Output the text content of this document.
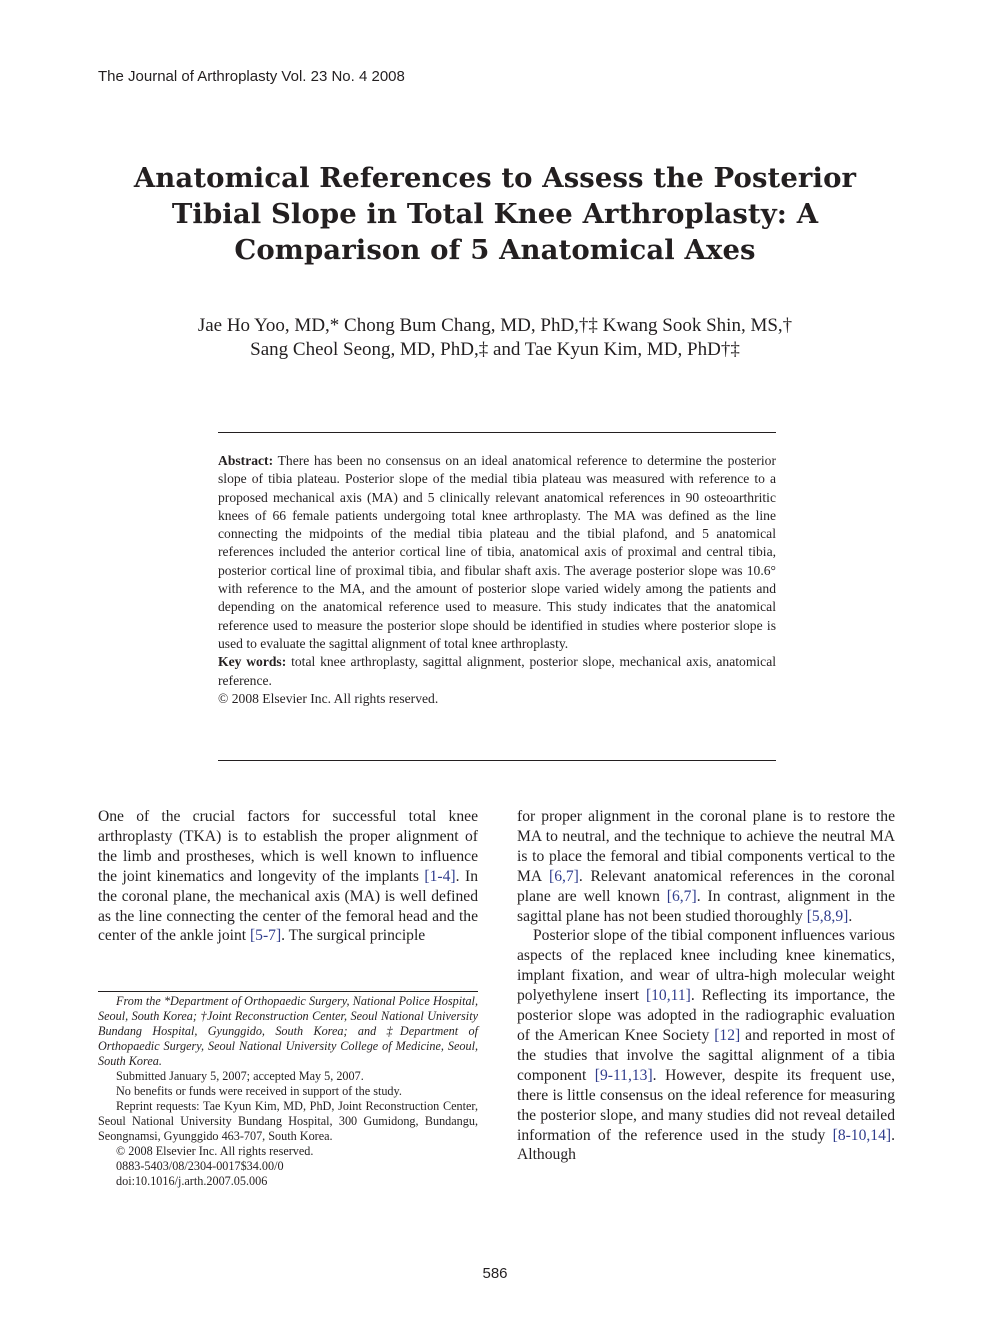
The Journal of Arthroplasty Vol. 23 No. 4 2008
Anatomical References to Assess the Posterior Tibial Slope in Total Knee Arthroplasty: A Comparison of 5 Anatomical Axes
Jae Ho Yoo, MD,* Chong Bum Chang, MD, PhD,†‡ Kwang Sook Shin, MS,†
Sang Cheol Seong, MD, PhD,‡ and Tae Kyun Kim, MD, PhD†‡

Abstract: There has been no consensus on an ideal anatomical reference to determine the posterior slope of tibia plateau. Posterior slope of the medial tibia plateau was measured with reference to a proposed mechanical axis (MA) and 5 clinically relevant anatomical references in 90 osteoarthritic knees of 66 female patients undergoing total knee arthroplasty. The MA was defined as the line connecting the midpoints of the medial tibia plateau and the tibial plafond, and 5 anatomical references included the anterior cortical line of tibia, anatomical axis of proximal and central tibia, posterior cortical line of proximal tibia, and fibular shaft axis. The average posterior slope was 10.6° with reference to the MA, and the amount of posterior slope varied widely among the patients and depending on the anatomical reference used to measure. This study indicates that the anatomical reference used to measure the posterior slope should be identified in studies where posterior slope is used to evaluate the sagittal alignment of total knee arthroplasty.

Key words: total knee arthroplasty, sagittal alignment, posterior slope, mechanical axis, anatomical reference.

© 2008 Elsevier Inc. All rights reserved.

One of the crucial factors for successful total knee arthroplasty (TKA) is to establish the proper alignment of the limb and prostheses, which is well known to influence the joint kinematics and longevity of the implants [1-4]. In the coronal plane, the mechanical axis (MA) is well defined as the line connecting the center of the femoral head and the center of the ankle joint [5-7]. The surgical principle

From the *Department of Orthopaedic Surgery, National Police Hospital, Seoul, South Korea; †Joint Reconstruction Center, Seoul National University Bundang Hospital, Gyunggido, South Korea; and ‡Department of Orthopaedic Surgery, Seoul National University College of Medicine, Seoul, South Korea.

Submitted January 5, 2007; accepted May 5, 2007.

No benefits or funds were received in support of the study.

Reprint requests: Tae Kyun Kim, MD, PhD, Joint Reconstruction Center, Seoul National University Bundang Hospital, 300 Gumidong, Bundangu, Seongnamsi, Gyunggido 463-707, South Korea.

© 2008 Elsevier Inc. All rights reserved.

0883-5403/08/2304-0017$34.00/0

doi:10.1016/j.arth.2007.05.006

for proper alignment in the coronal plane is to restore the MA to neutral, and the technique to achieve the neutral MA is to place the femoral and tibial components vertical to the MA [6,7]. Relevant anatomical references in the coronal plane are well known [6,7]. In contrast, alignment in the sagittal plane has not been studied thoroughly [5,8,9].

Posterior slope of the tibial component influences various aspects of the replaced knee including knee kinematics, implant fixation, and wear of ultra-high molecular weight polyethylene insert [10,11]. Reflecting its importance, the posterior slope was adopted in the radiographic evaluation of the American Knee Society [12] and reported in most of the studies that involve the sagittal alignment of a tibia component [9-11,13]. However, despite its frequent use, there is little consensus on the ideal reference for measuring the posterior slope, and many studies did not reveal detailed information of the reference used in the study [8-10,14]. Although

586
